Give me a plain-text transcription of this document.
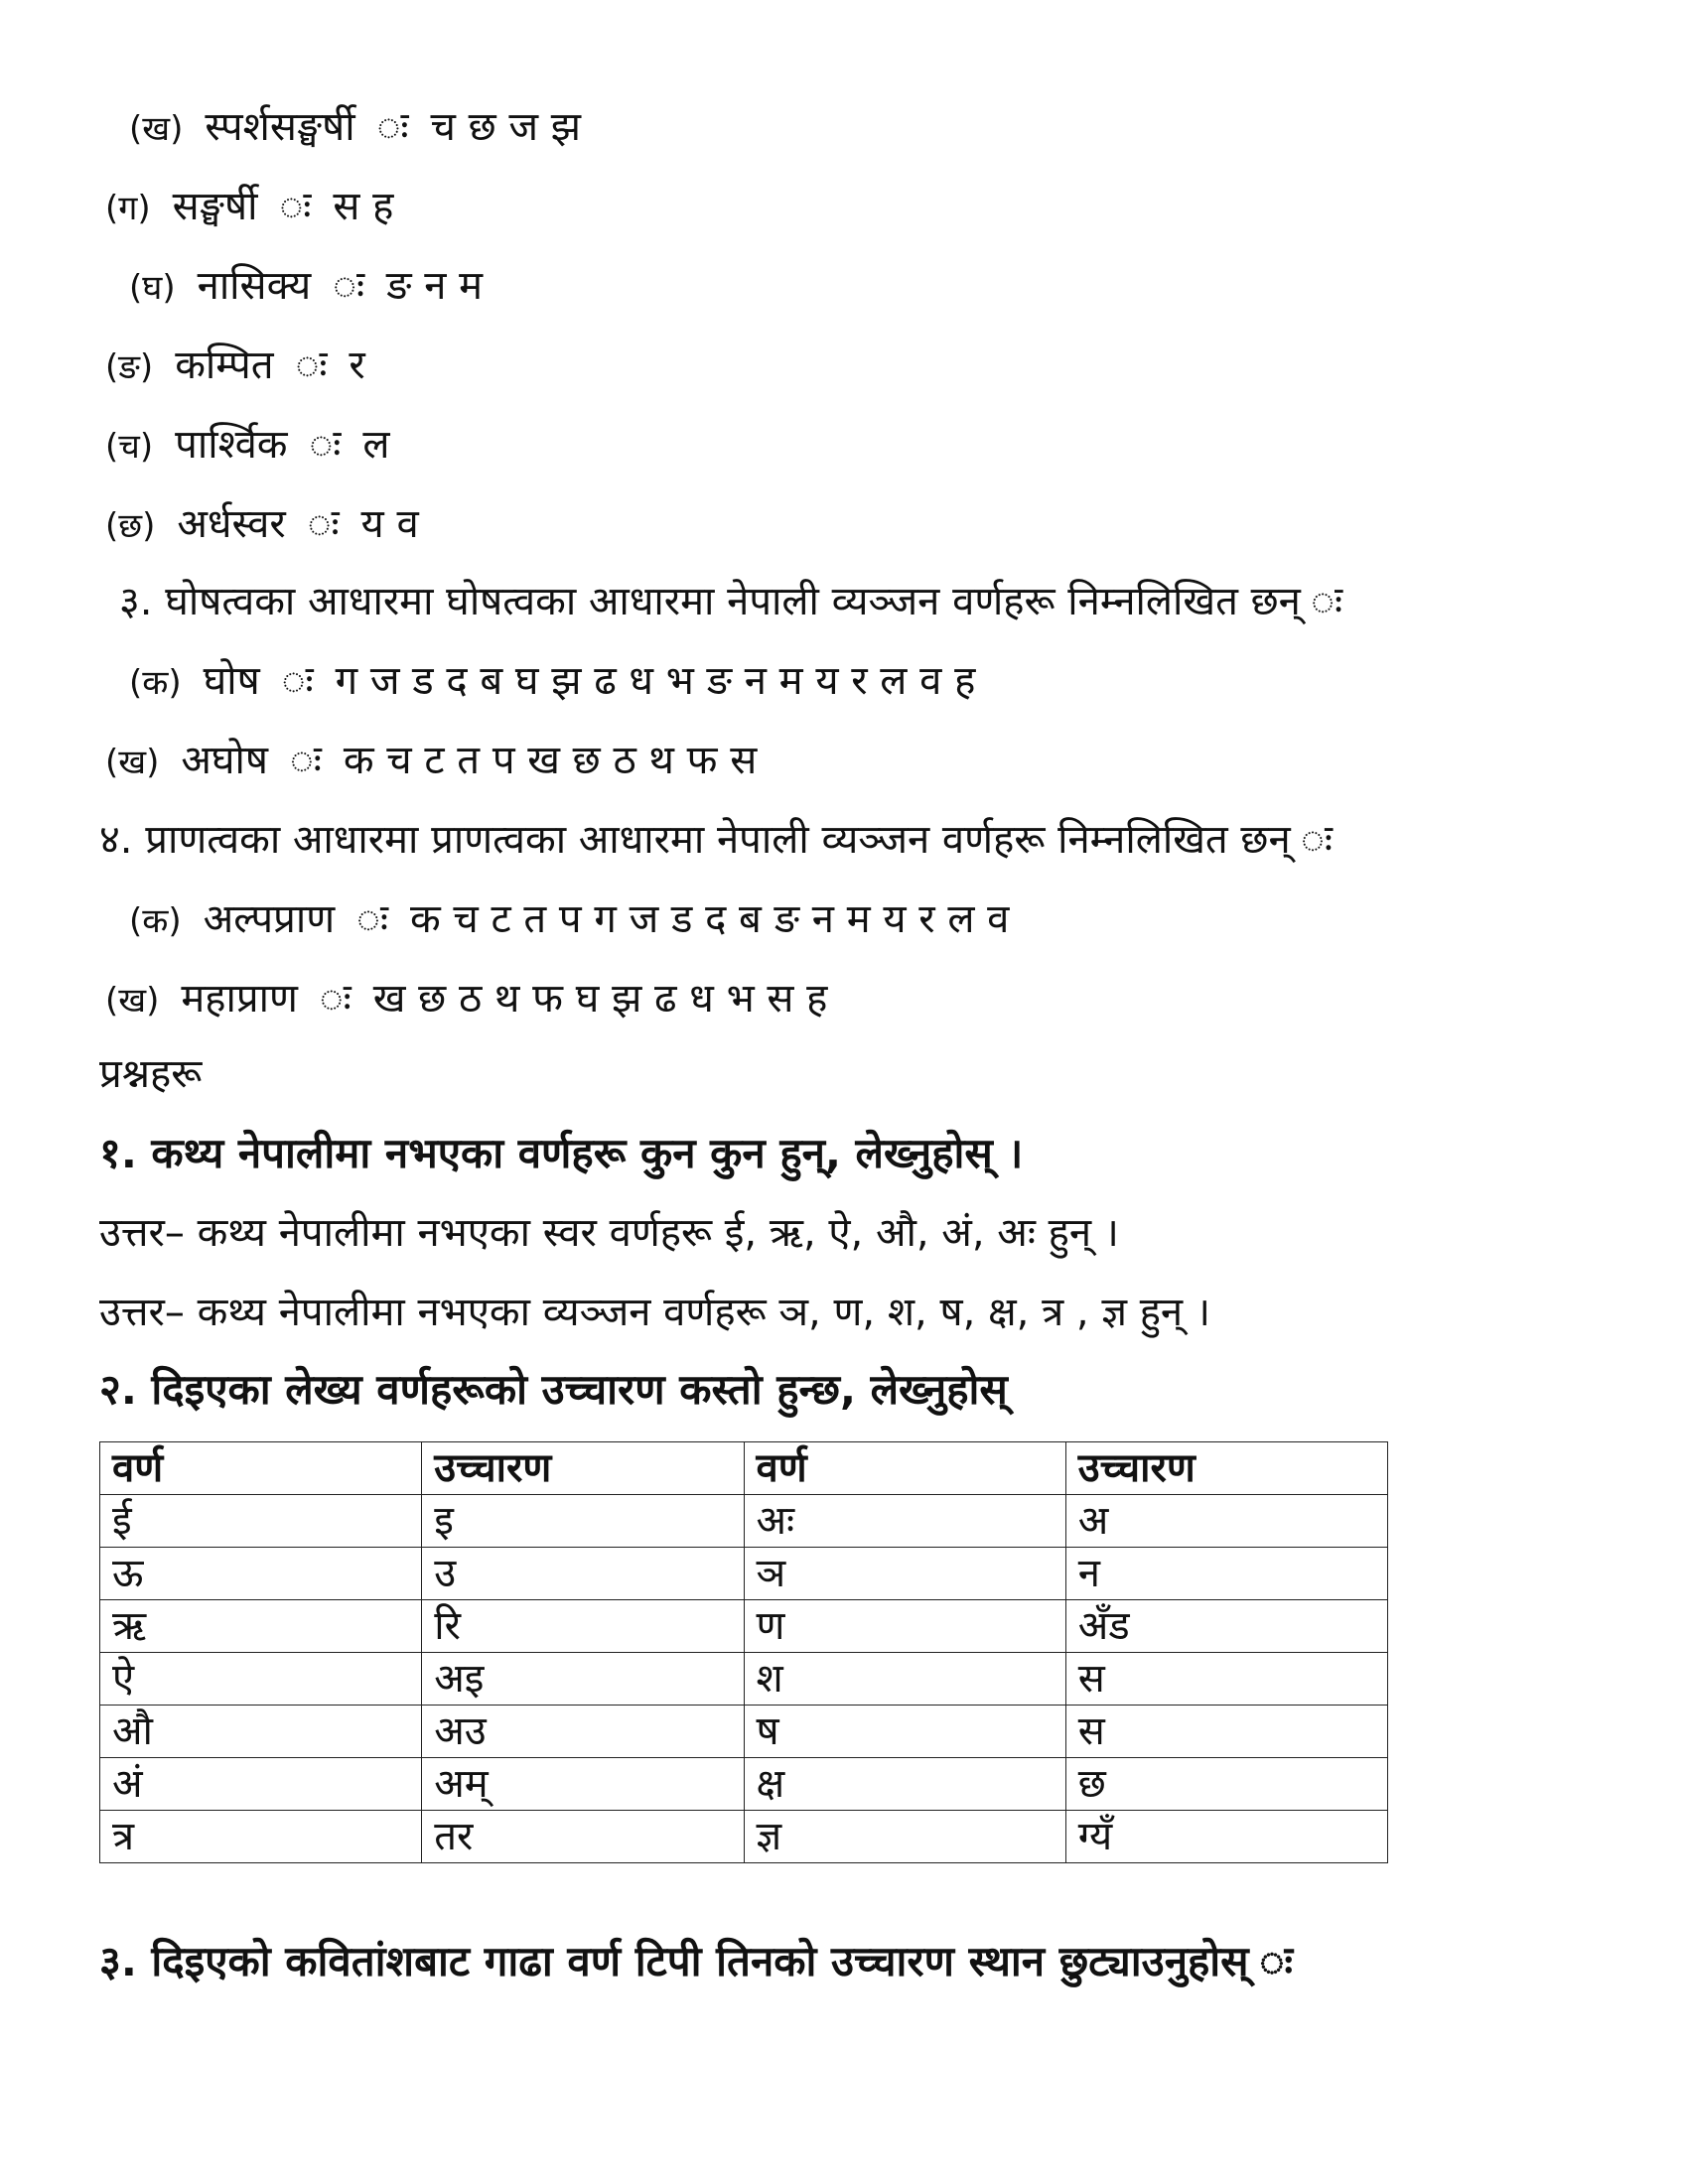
(ख) स्पर्शसङ्घर्षी ः च छ ज झ
(ग) सङ्घर्षी ः स ह
(घ) नासिक्य ः ङ न म
(ङ) कम्पित ः र
(च) पार्श्विक ः ल
(छ) अर्धस्वर ः य व
३. घोषत्वका आधारमा घोषत्वका आधारमा नेपाली व्यञ्जन वर्णहरू निम्नलिखित छन् ः
(क) घोष ः ग ज ड द ब घ झ ढ ध भ ङ न म य र ल व ह
(ख) अघोष ः क च ट त प ख छ ठ थ फ स
४. प्राणत्वका आधारमा प्राणत्वका आधारमा नेपाली व्यञ्जन वर्णहरू निम्नलिखित छन् ः
(क) अल्पप्राण ः क च ट त प ग ज ड द ब ङ न म य र ल व
(ख) महाप्राण ः ख छ ठ थ फ घ झ ढ ध भ स ह
प्रश्नहरू
१. कथ्य नेपालीमा नभएका वर्णहरू कुन कुन हुन्, लेख्नुहोस् ।
उत्तर– कथ्य नेपालीमा नभएका स्वर वर्णहरू ई, ऋ, ऐ, औ, अं, अः हुन् ।
उत्तर– कथ्य नेपालीमा नभएका व्यञ्जन वर्णहरू ञ, ण, श, ष, क्ष, त्र , ज्ञ हुन् ।
२. दिइएका लेख्य वर्णहरूको उच्चारण कस्तो हुन्छ, लेख्नुहोस्
वर्ण	उच्चारण	वर्ण	उच्चारण
ई	इ	अः	अ
ऊ	उ	ञ	न
ऋ	रि	ण	अँड
ऐ	अइ	श	स
औ	अउ	ष	स
अं	अम्	क्ष	छ
त्र	तर	ज्ञ	ग्यँ
३. दिइएको कवितांशबाट गाढा वर्ण टिपी तिनको उच्चारण स्थान छुट्याउनुहोस् ः
